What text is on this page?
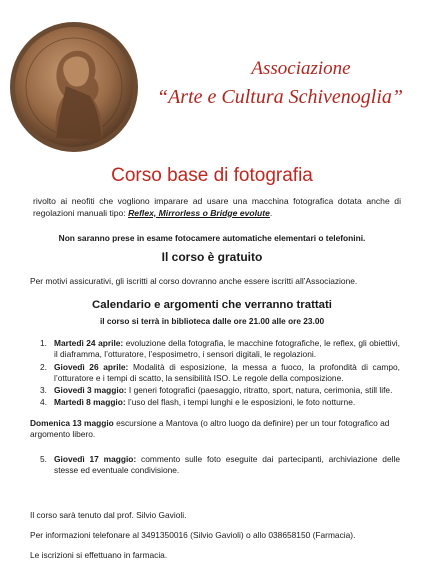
Associazione
“Arte e Cultura Schivenoglia”
Corso base di fotografia
rivolto ai neofiti che vogliono imparare ad usare una macchina fotografica dotata anche di regolazioni manuali tipo: Reflex, Mirrorless o Bridge evolute.
Non saranno prese in esame fotocamere automatiche elementari o telefonini.
Il corso è gratuito
Per motivi assicurativi, gli iscritti al corso dovranno anche essere iscritti all’Associazione.
Calendario e argomenti che verranno trattati
il corso si terrà in biblioteca dalle ore 21.00 alle ore 23.00
1. Martedì 24 aprile: evoluzione della fotografia, le macchine fotografiche, le reflex, gli obiettivi, il diaframma, l’otturatore, l’esposimetro, i sensori digitali, le regolazioni.
2. Giovedì 26 aprile: Modalità di esposizione, la messa a fuoco, la profondità di campo, l’otturatore e i tempi di scatto, la sensibilità ISO. Le regole della composizione.
3. Giovedì 3 maggio: I generi fotografici (paesaggio, ritratto, sport, natura, cerimonia, still life.
4. Martedì 8 maggio: l’uso del flash, i tempi lunghi e le esposizioni, le foto notturne.
Domenica 13 maggio escursione a Mantova (o altro luogo da definire) per un tour fotografico ad argomento libero.
5. Giovedì 17 maggio: commento sulle foto eseguite dai partecipanti, archiviazione delle stesse ed eventuale condivisione.
Il corso sarà tenuto dal prof. Silvio Gavioli.
Per informazioni telefonare al 3491350016 (Silvio Gavioli) o allo 038658150 (Farmacia).
Le iscrizioni si effettuano in farmacia.
